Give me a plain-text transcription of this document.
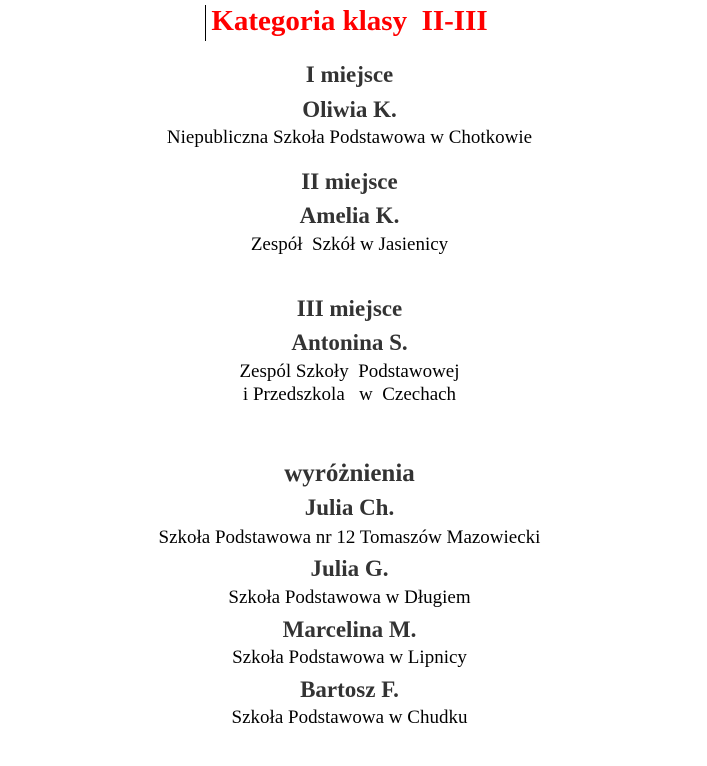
Kategoria klasy  II-III
I miejsce
Oliwia K.
Niepubliczna Szkoła Podstawowa w Chotkowie
II miejsce
Amelia K.
Zespół  Szkół w Jasienicy
III miejsce
Antonina S.
Zespól Szkoły  Podstawowej
i Przedszkola   w  Czechach
wyróżnienia
Julia Ch.
Szkoła Podstawowa nr 12 Tomaszów Mazowiecki
Julia G.
Szkoła Podstawowa w Długiem
Marcelina M.
Szkoła Podstawowa w Lipnicy
Bartosz F.
Szkoła Podstawowa w Chudku
